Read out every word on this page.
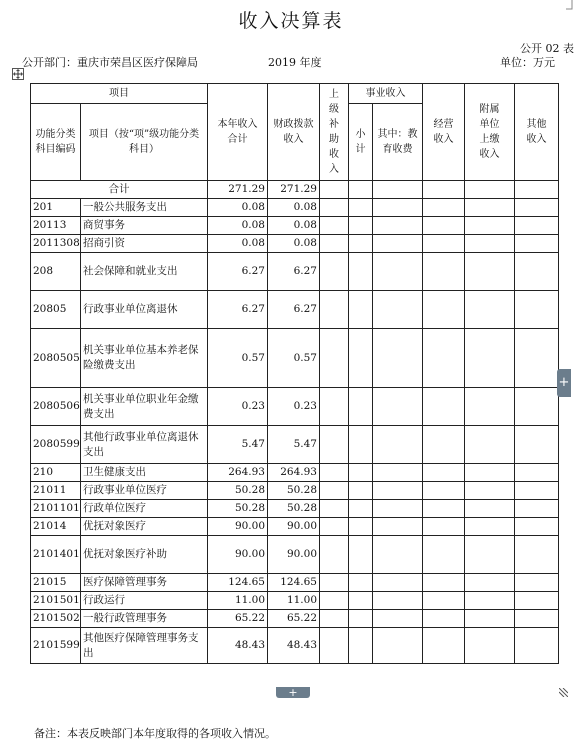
收入决算表
公开 02 表
公开部门：重庆市荣昌区医疗保障局	2019 年度	单位：万元
项目		本年收入合计	财政拨款收入	上级补助收入	事业收入		经营收入	附属单位上缴收入	其他收入

功能分类科目编码	项目（按“项”级功能分类科目）				小计	其中：教育收费			

合计		271.29	271.29						
201	一般公共服务支出	0.08	0.08						
20113	商贸事务	0.08	0.08						
2011308	招商引资	0.08	0.08						
208	社会保障和就业支出	6.27	6.27						
20805	行政事业单位离退休	6.27	6.27						
2080505	机关事业单位基本养老保险缴费支出	0.57	0.57						
2080506	机关事业单位职业年金缴费支出	0.23	0.23						
2080599	其他行政事业单位离退休支出	5.47	5.47						
210	卫生健康支出	264.93	264.93						
21011	行政事业单位医疗	50.28	50.28						
2101101	行政单位医疗	50.28	50.28						
21014	优抚对象医疗	90.00	90.00						
2101401	优抚对象医疗补助	90.00	90.00						
21015	医疗保障管理事务	124.65	124.65						
2101501	行政运行	11.00	11.00						
2101502	一般行政管理事务	65.22	65.22						
2101599	其他医疗保障管理事务支出	48.43	48.43						
+
+
备注：本表反映部门本年度取得的各项收入情况。
